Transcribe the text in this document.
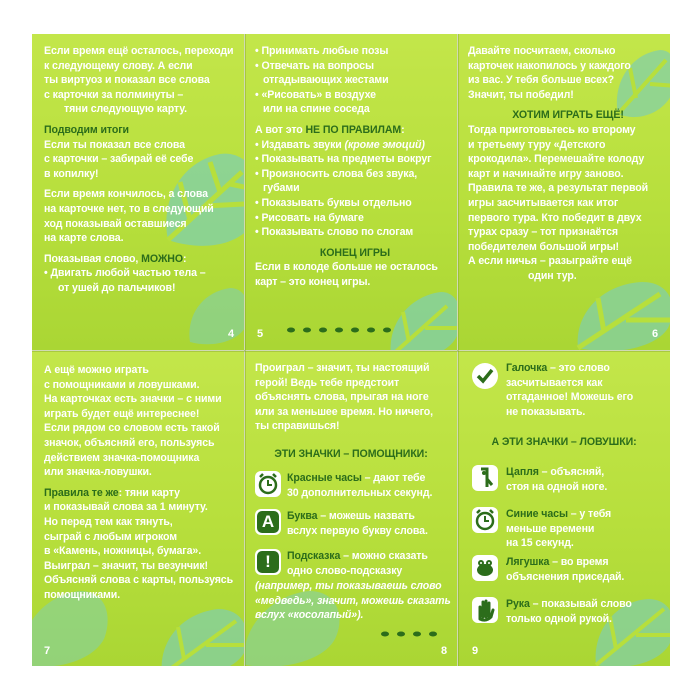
Если время ещё осталось, переходи

к следующему слову. А если

ты виртуоз и показал все слова

с карточки за полминуты –

тяни следующую карту.

Подводим итоги

Если ты показал все слова

с карточки – забирай её себе

в копилку!

Если время кончилось, а слова

на карточке нет, то в следующий

ход показывай оставшиеся

на карте слова.

Показывая слово, МОЖНО:

• Двигать любой частью тела –

от ушей до пальчиков!

4

• Принимать любые позы

• Отвечать на вопросы

отгадывающих жестами

• «Рисовать» в воздухе

или на спине соседа

А вот это НЕ ПО ПРАВИЛАМ:

• Издавать звуки (кроме эмоций)

• Показывать на предметы вокруг

• Произносить слова без звука,

губами

• Показывать буквы отдельно

• Рисовать на бумаге

• Показывать слово по слогам

КОНЕЦ ИГРЫ

Если в колоде больше не осталось

карт – это конец игры.

5

Давайте посчитаем, сколько

карточек накопилось у каждого

из вас. У тебя больше всех?

Значит, ты победил!

ХОТИМ ИГРАТЬ ЕЩЁ!

Тогда приготовьтесь ко второму

и третьему туру «Детского

крокодила». Перемешайте колоду

карт и начинайте игру заново.

Правила те же, а результат первой

игры засчитывается как итог

первого тура. Кто победит в двух

турах сразу – тот признаётся

победителем большой игры!

А если ничья – разыграйте ещё

один тур.

6

А ещё можно играть

с помощниками и ловушками.

На карточках есть значки – с ними

играть будет ещё интереснее!

Если рядом со словом есть такой

значок, объясняй его, пользуясь

действием значка-помощника

или значка-ловушки.

Правила те же: тяни карту

и показывай слова за 1 минуту.

Но перед тем как тянуть,

сыграй с любым игроком

в «Камень, ножницы, бумага».

Выиграл – значит, ты везунчик!

Объясняй слова с карты, пользуясь

помощниками.

7

Проиграл – значит, ты настоящий

герой! Ведь тебе предстоит

объяснять слова, прыгая на ноге

или за меньшее время. Но ничего,

ты справишься!

ЭТИ ЗНАЧКИ – ПОМОЩНИКИ:

Красные часы – дают тебе

30 дополнительных секунд.

А	Буква – можешь назвать

вслух первую букву слова.

!	Подсказка – можно сказать

одно слово-подсказку

(например, ты показываешь слово

«медведь», значит, можешь сказать

вслух «косолапый»).

8

Галочка – это слово

засчитывается как

отгаданное! Можешь его

не показывать.

А ЭТИ ЗНАЧКИ – ЛОВУШКИ:

Цапля – объясняй,

стоя на одной ноге.

Синие часы – у тебя

меньше времени

на 15 секунд.

Лягушка – во время

объяснения приседай.

Рука – показывай слово

только одной рукой.

9
